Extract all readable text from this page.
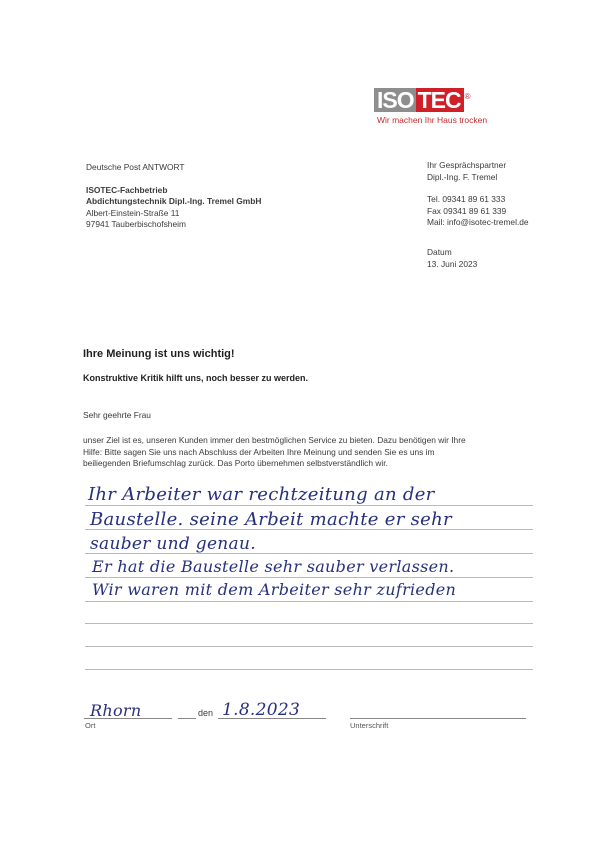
ISO TEC ®
Wir machen Ihr Haus trocken
Deutsche Post ANTWORT
ISOTEC-Fachbetrieb
Abdichtungstechnik Dipl.-Ing. Tremel GmbH
Albert-Einstein-Straße 11
97941 Tauberbischofsheim
Ihr Gesprächspartner
Dipl.-Ing. F. Tremel
Tel. 09341 89 61 333
Fax 09341 89 61 339
Mail: info@isotec-tremel.de
Datum
13. Juni 2023
Ihre Meinung ist uns wichtig!
Konstruktive Kritik hilft uns, noch besser zu werden.
Sehr geehrte Frau
unser Ziel ist es, unseren Kunden immer den bestmöglichen Service zu bieten. Dazu benötigen wir Ihre
Hilfe: Bitte sagen Sie uns nach Abschluss der Arbeiten Ihre Meinung und senden Sie es uns im
beiliegenden Briefumschlag zurück. Das Porto übernehmen selbstverständlich wir.
Ihr Arbeiter war rechtzeitung an der
Baustelle. seine Arbeit machte er sehr
sauber und genau.
Er hat die Baustelle sehr sauber verlassen.
Wir waren mit dem Arbeiter sehr zufrieden
Rhorn
Ort
den 1.8.2023
Unterschrift
